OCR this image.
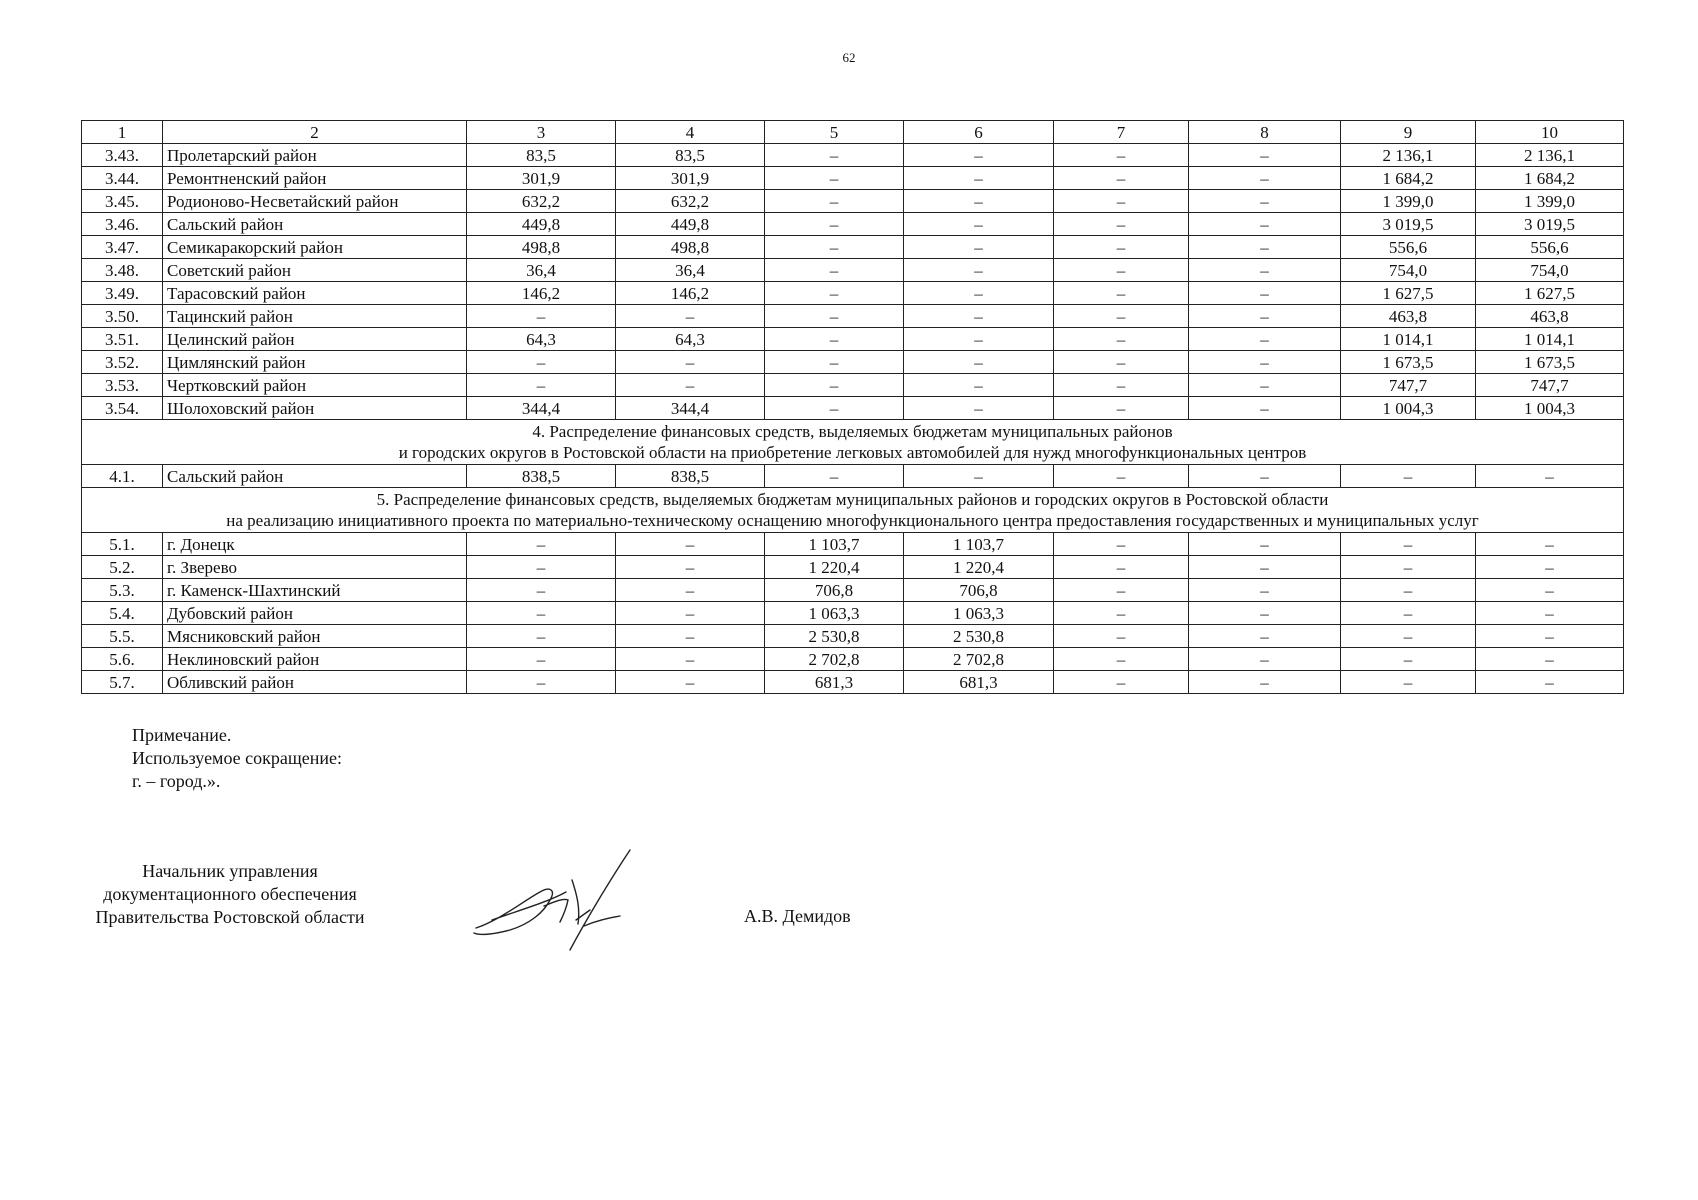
62
1	2	3	4	5	6	7	8	9	10
3.43.	Пролетарский район	83,5	83,5	–	–	–	–	2 136,1	2 136,1
3.44.	Ремонтненский район	301,9	301,9	–	–	–	–	1 684,2	1 684,2
3.45.	Родионово-Несветайский район	632,2	632,2	–	–	–	–	1 399,0	1 399,0
3.46.	Сальский район	449,8	449,8	–	–	–	–	3 019,5	3 019,5
3.47.	Семикаракорский район	498,8	498,8	–	–	–	–	556,6	556,6
3.48.	Советский район	36,4	36,4	–	–	–	–	754,0	754,0
3.49.	Тарасовский район	146,2	146,2	–	–	–	–	1 627,5	1 627,5
3.50.	Тацинский район	–	–	–	–	–	–	463,8	463,8
3.51.	Целинский район	64,3	64,3	–	–	–	–	1 014,1	1 014,1
3.52.	Цимлянский район	–	–	–	–	–	–	1 673,5	1 673,5
3.53.	Чертковский район	–	–	–	–	–	–	747,7	747,7
3.54.	Шолоховский район	344,4	344,4	–	–	–	–	1 004,3	1 004,3

4. Распределение финансовых средств, выделяемых бюджетам муниципальных районов
и городских округов в Ростовской области на приобретение легковых автомобилей для нужд многофункциональных центров									

4.1.	Сальский район	838,5	838,5	–	–	–	–	–	–

5. Распределение финансовых средств, выделяемых бюджетам муниципальных районов и городских округов в Ростовской области
на реализацию инициативного проекта по материально-техническому оснащению многофункционального центра предоставления государственных и муниципальных услуг									

5.1.	г. Донецк	–	–	1 103,7	1 103,7	–	–	–	–
5.2.	г. Зверево	–	–	1 220,4	1 220,4	–	–	–	–
5.3.	г. Каменск-Шахтинский	–	–	706,8	706,8	–	–	–	–
5.4.	Дубовский район	–	–	1 063,3	1 063,3	–	–	–	–
5.5.	Мясниковский район	–	–	2 530,8	2 530,8	–	–	–	–
5.6.	Неклиновский район	–	–	2 702,8	2 702,8	–	–	–	–
5.7.	Обливский район	–	–	681,3	681,3	–	–	–	–
Примечание.
Используемое сокращение:
г. – город.».
Начальник управления
документационного обеспечения
Правительства Ростовской области	А.В. Демидов
